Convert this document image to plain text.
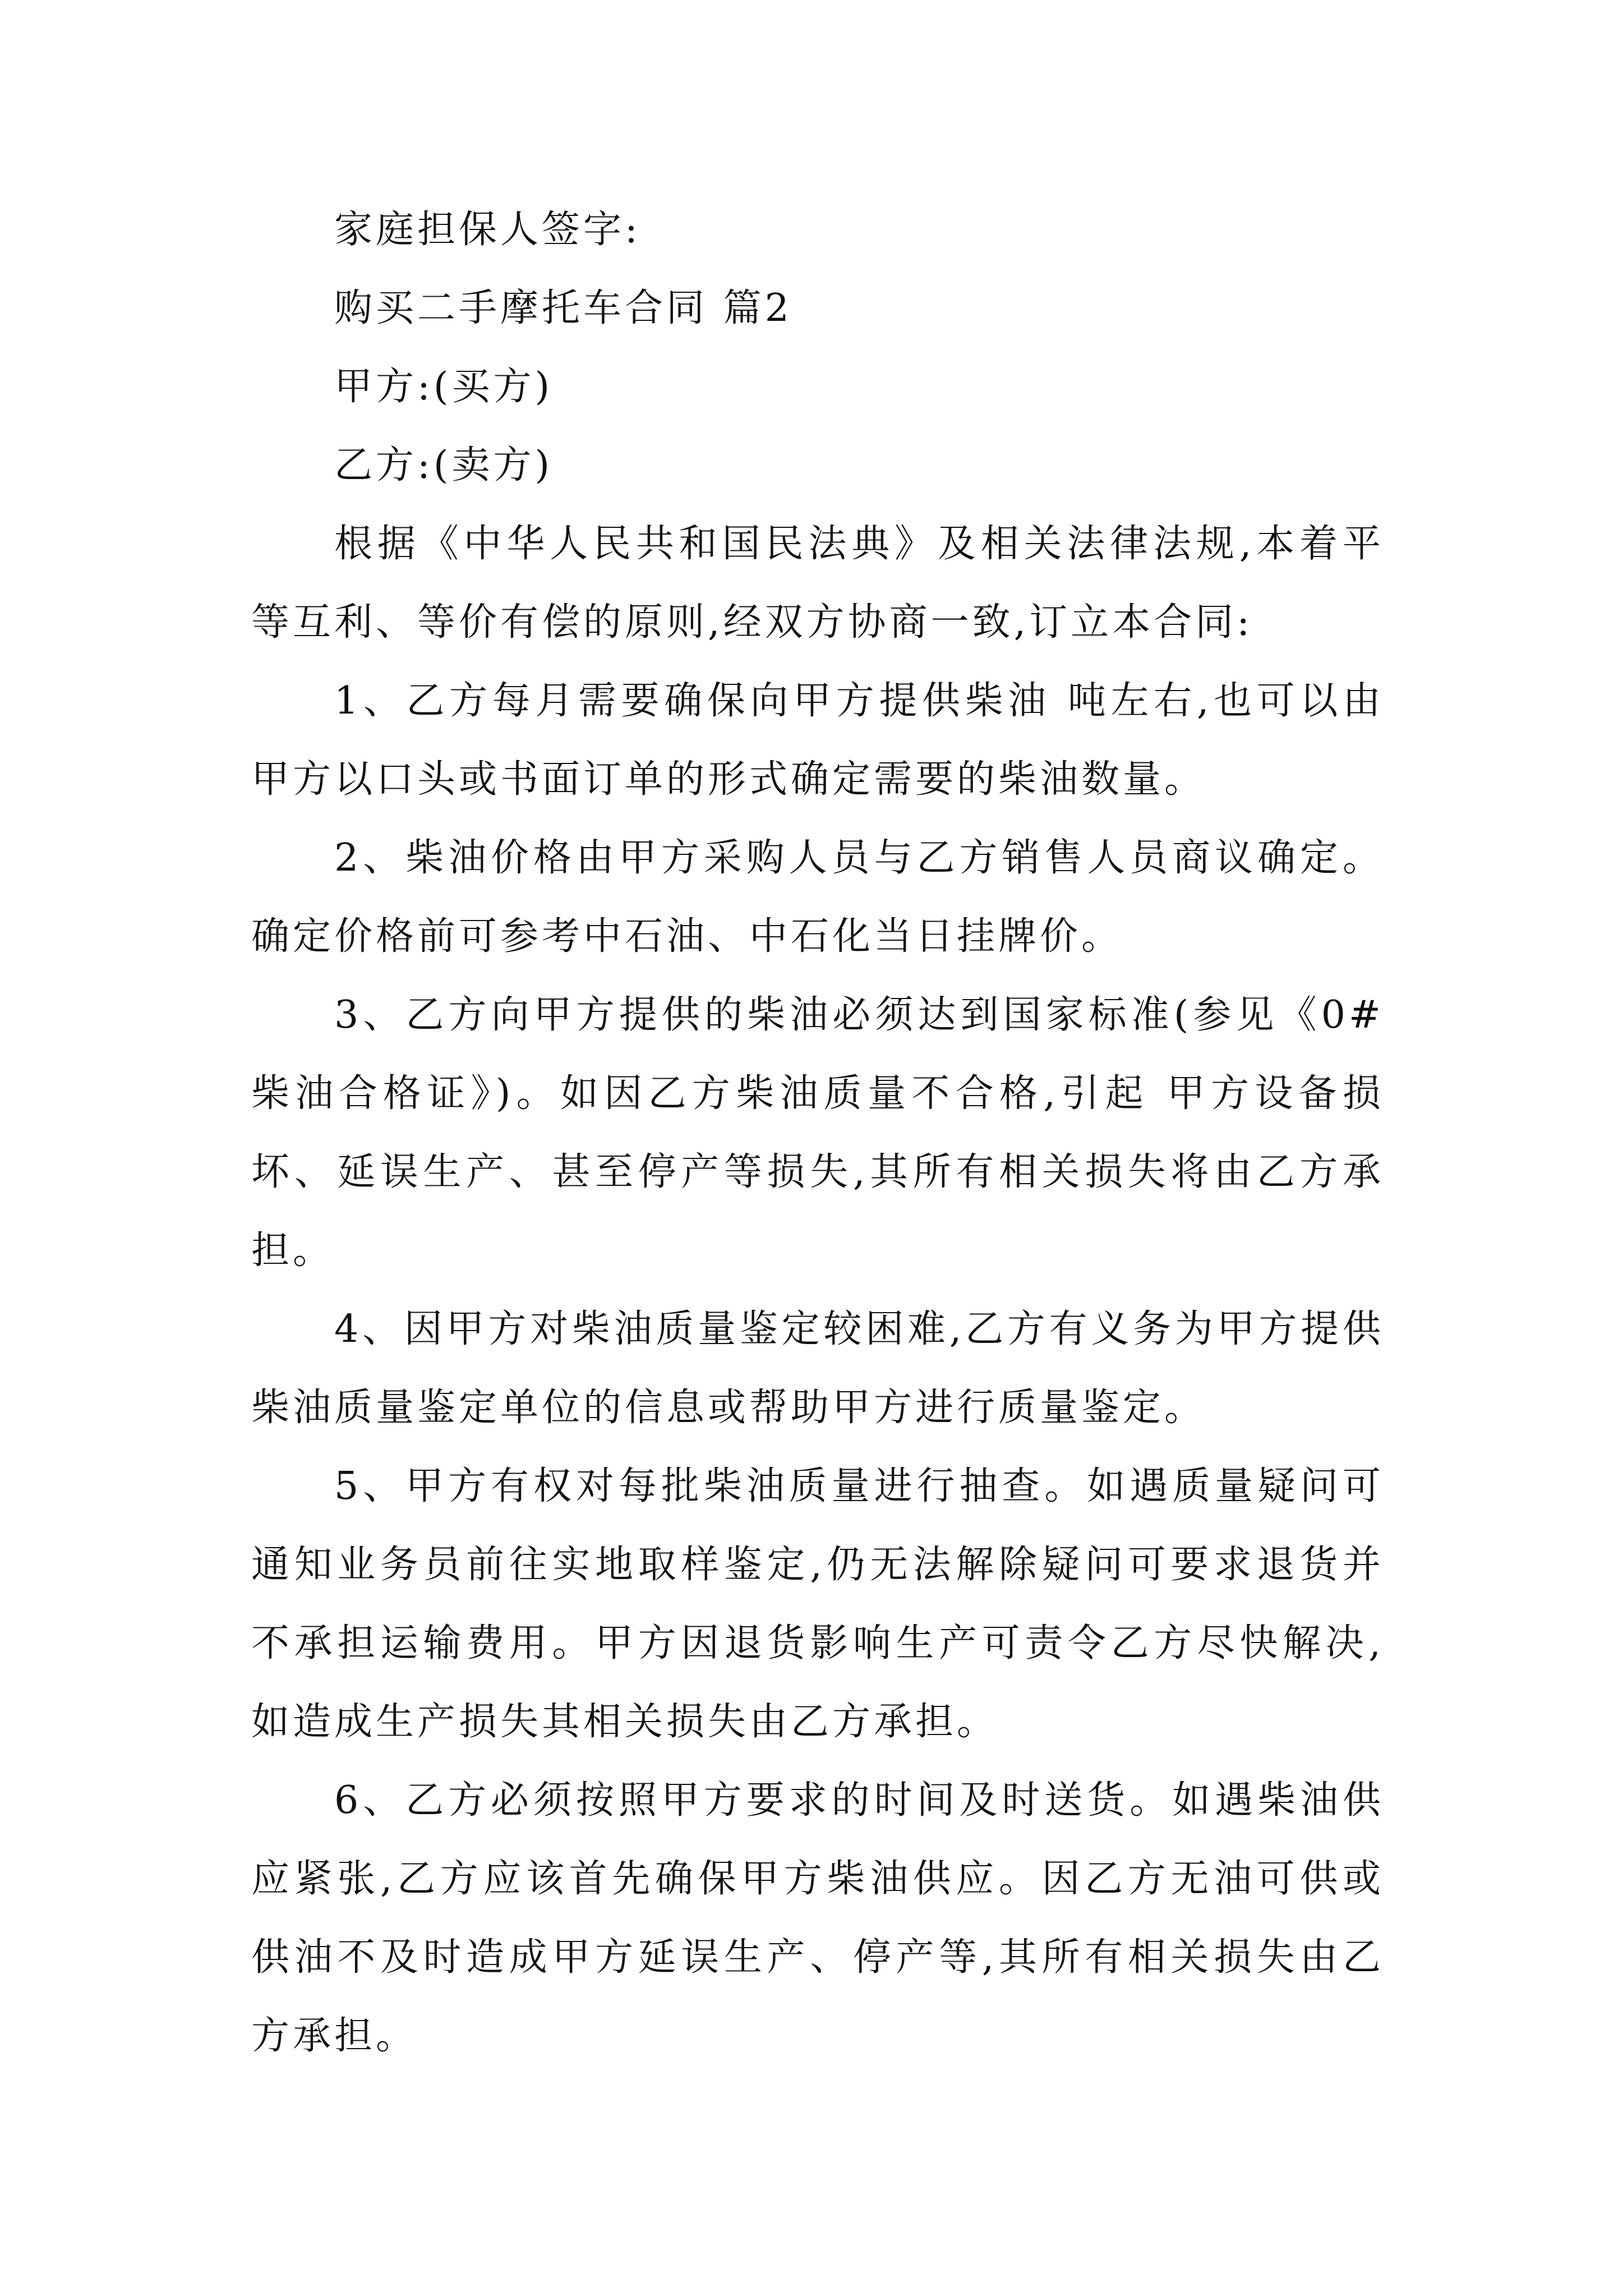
家庭担保人签字:

购买二手摩托车合同 篇2

甲方:(买方)

乙方:(卖方)

根据《中华人民共和国民法典》及相关法律法规,本着平等互利、等价有偿的原则,经双方协商一致,订立本合同:

1、乙方每月需要确保向甲方提供柴油 吨左右,也可以由甲方以口头或书面订单的形式确定需要的柴油数量。

2、柴油价格由甲方采购人员与乙方销售人员商议确定。确定价格前可参考中石油、中石化当日挂牌价。

3、乙方向甲方提供的柴油必须达到国家标准(参见《0#柴油合格证》)。如因乙方柴油质量不合格,引起 甲方设备损坏、延误生产、甚至停产等损失,其所有相关损失将由乙方承担。

4、因甲方对柴油质量鉴定较困难,乙方有义务为甲方提供柴油质量鉴定单位的信息或帮助甲方进行质量鉴定。

5、甲方有权对每批柴油质量进行抽查。如遇质量疑问可通知业务员前往实地取样鉴定,仍无法解除疑问可要求退货并不承担运输费用。甲方因退货影响生产可责令乙方尽快解决,如造成生产损失其相关损失由乙方承担。

6、乙方必须按照甲方要求的时间及时送货。如遇柴油供应紧张,乙方应该首先确保甲方柴油供应。因乙方无油可供或供油不及时造成甲方延误生产、停产等,其所有相关损失由乙方承担。
